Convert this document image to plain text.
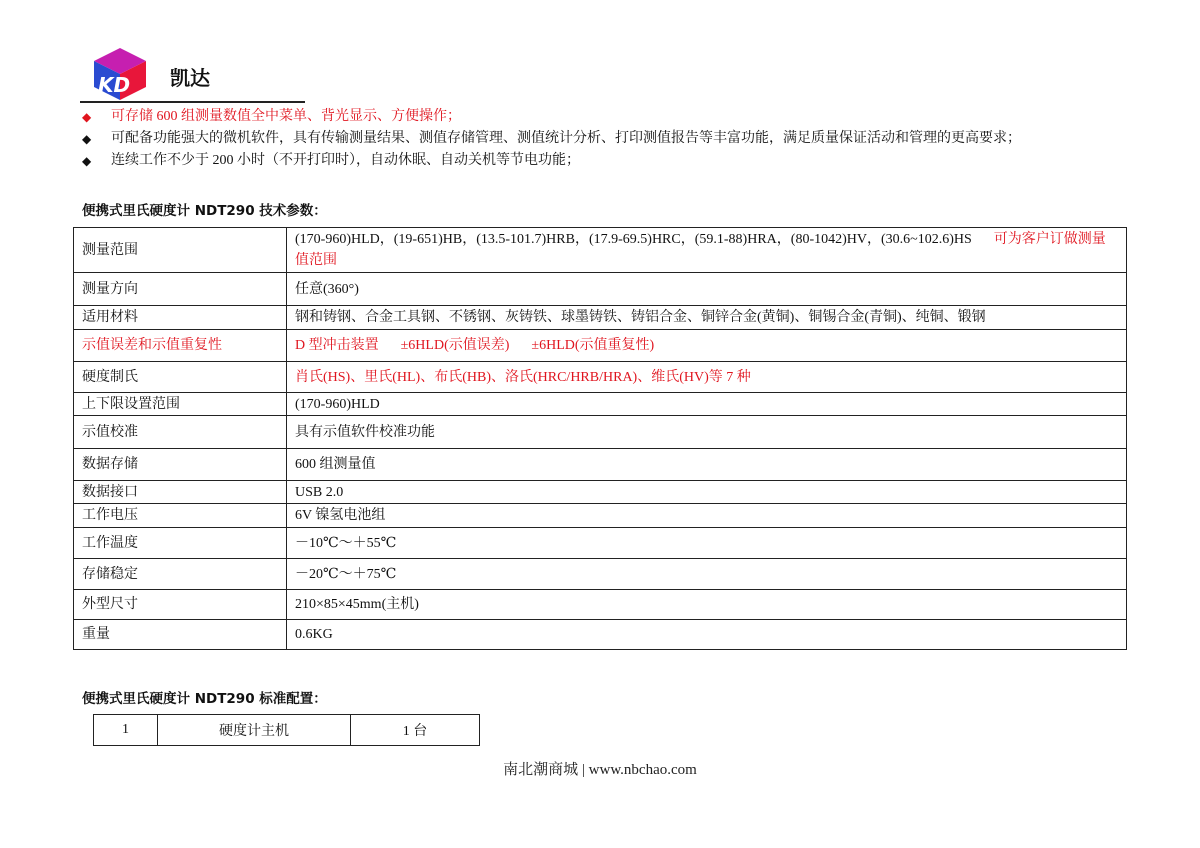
KD 凯达
◆ 可存储 600 组测量数值全中菜单、背光显示、方便操作；
◆ 可配备功能强大的微机软件，具有传输测量结果、测值存储管理、测值统计分析、打印测值报告等丰富功能，满足质量保证活动和管理的更高要求；
◆ 连续工作不少于 200 小时（不开打印时），自动休眠、自动关机等节电功能；
便携式里氏硬度计 NDT290 技术参数：
测量范围	(170-960)HLD，(19-651)HB，(13.5-101.7)HRB，(17.9-69.5)HRC，(59.1-88)HRA，(80-1042)HV，(30.6~102.6)HS 可为客户订做测量值范围
测量方向	任意(360°)
适用材料	钢和铸钢、合金工具钢、不锈钢、灰铸铁、球墨铸铁、铸铝合金、铜锌合金(黄铜)、铜锡合金(青铜)、纯铜、锻钢
示值误差和示值重复性	D 型冲击装置 ±6HLD(示值误差) ±6HLD(示值重复性)
硬度制氏	肖氏(HS)、里氏(HL)、布氏(HB)、洛氏(HRC/HRB/HRA)、维氏(HV)等 7 种
上下限设置范围	(170-960)HLD
示值校准	具有示值软件校准功能
数据存储	600 组测量值
数据接口	USB 2.0
工作电压	6V 镍氢电池组
工作温度	－10℃～＋55℃
存储稳定	－20℃～＋75℃
外型尺寸	210×85×45mm(主机)
重量	0.6KG
便携式里氏硬度计 NDT290 标准配置：
1	硬度计主机	1 台
南北潮商城 | www.nbchao.com
